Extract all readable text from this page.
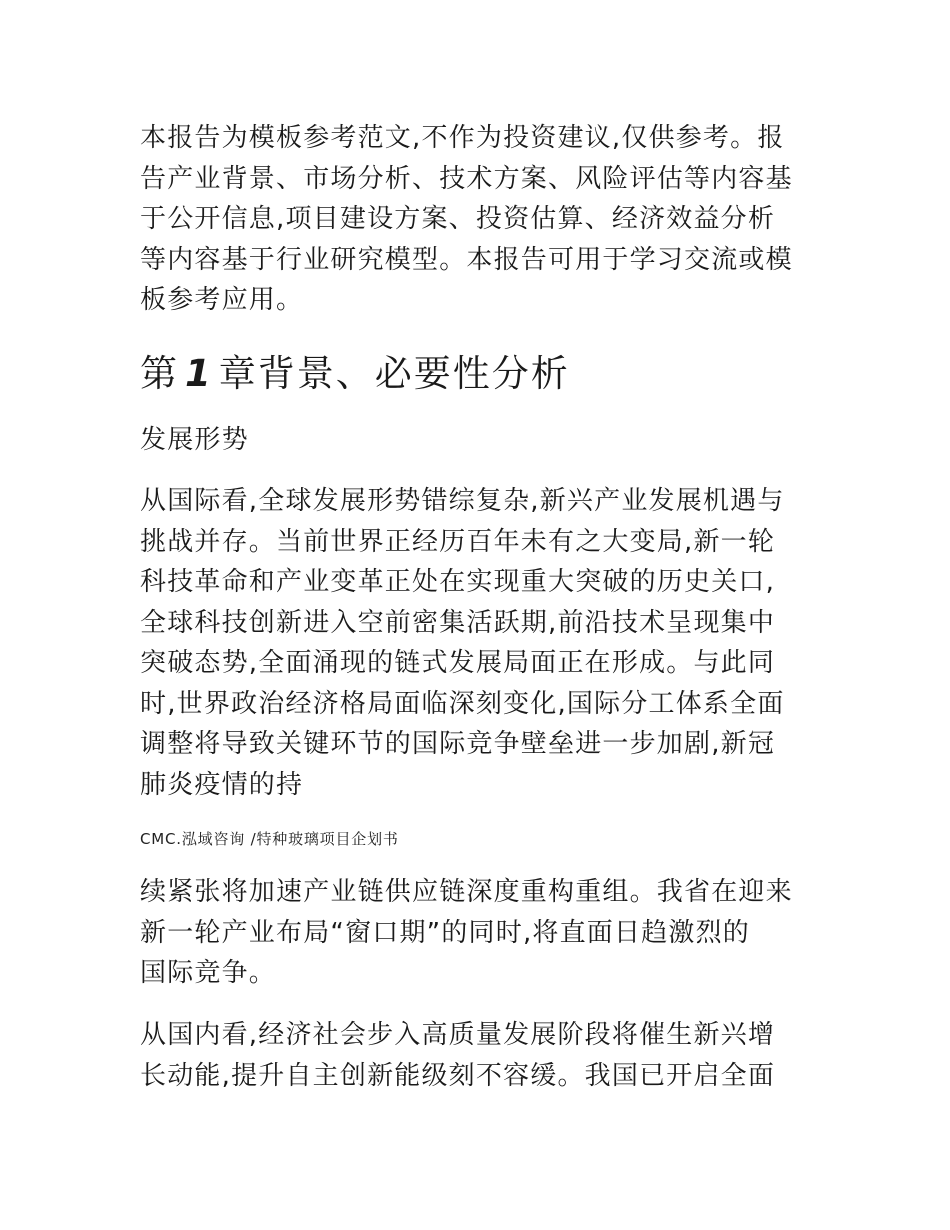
本报告为模板参考范文,不作为投资建议,仅供参考。报
告产业背景、市场分析、技术方案、风险评估等内容基
于公开信息,项目建设方案、投资估算、经济效益分析
等内容基于行业研究模型。本报告可用于学习交流或模
板参考应用。

第 1 章背景、必要性分析
发展形势

从国际看,全球发展形势错综复杂,新兴产业发展机遇与
挑战并存。当前世界正经历百年未有之大变局,新一轮
科技革命和产业变革正处在实现重大突破的历史关口,
全球科技创新进入空前密集活跃期,前沿技术呈现集中
突破态势,全面涌现的链式发展局面正在形成。与此同
时,世界政治经济格局面临深刻变化,国际分工体系全面
调整将导致关键环节的国际竞争壁垒进一步加剧,新冠
肺炎疫情的持

CMC.泓域咨询 /特种玻璃项目企划书

续紧张将加速产业链供应链深度重构重组。我省在迎来
新一轮产业布局“窗口期”的同时,将直面日趋激烈的
国际竞争。

从国内看,经济社会步入高质量发展阶段将催生新兴增
长动能,提升自主创新能级刻不容缓。我国已开启全面
